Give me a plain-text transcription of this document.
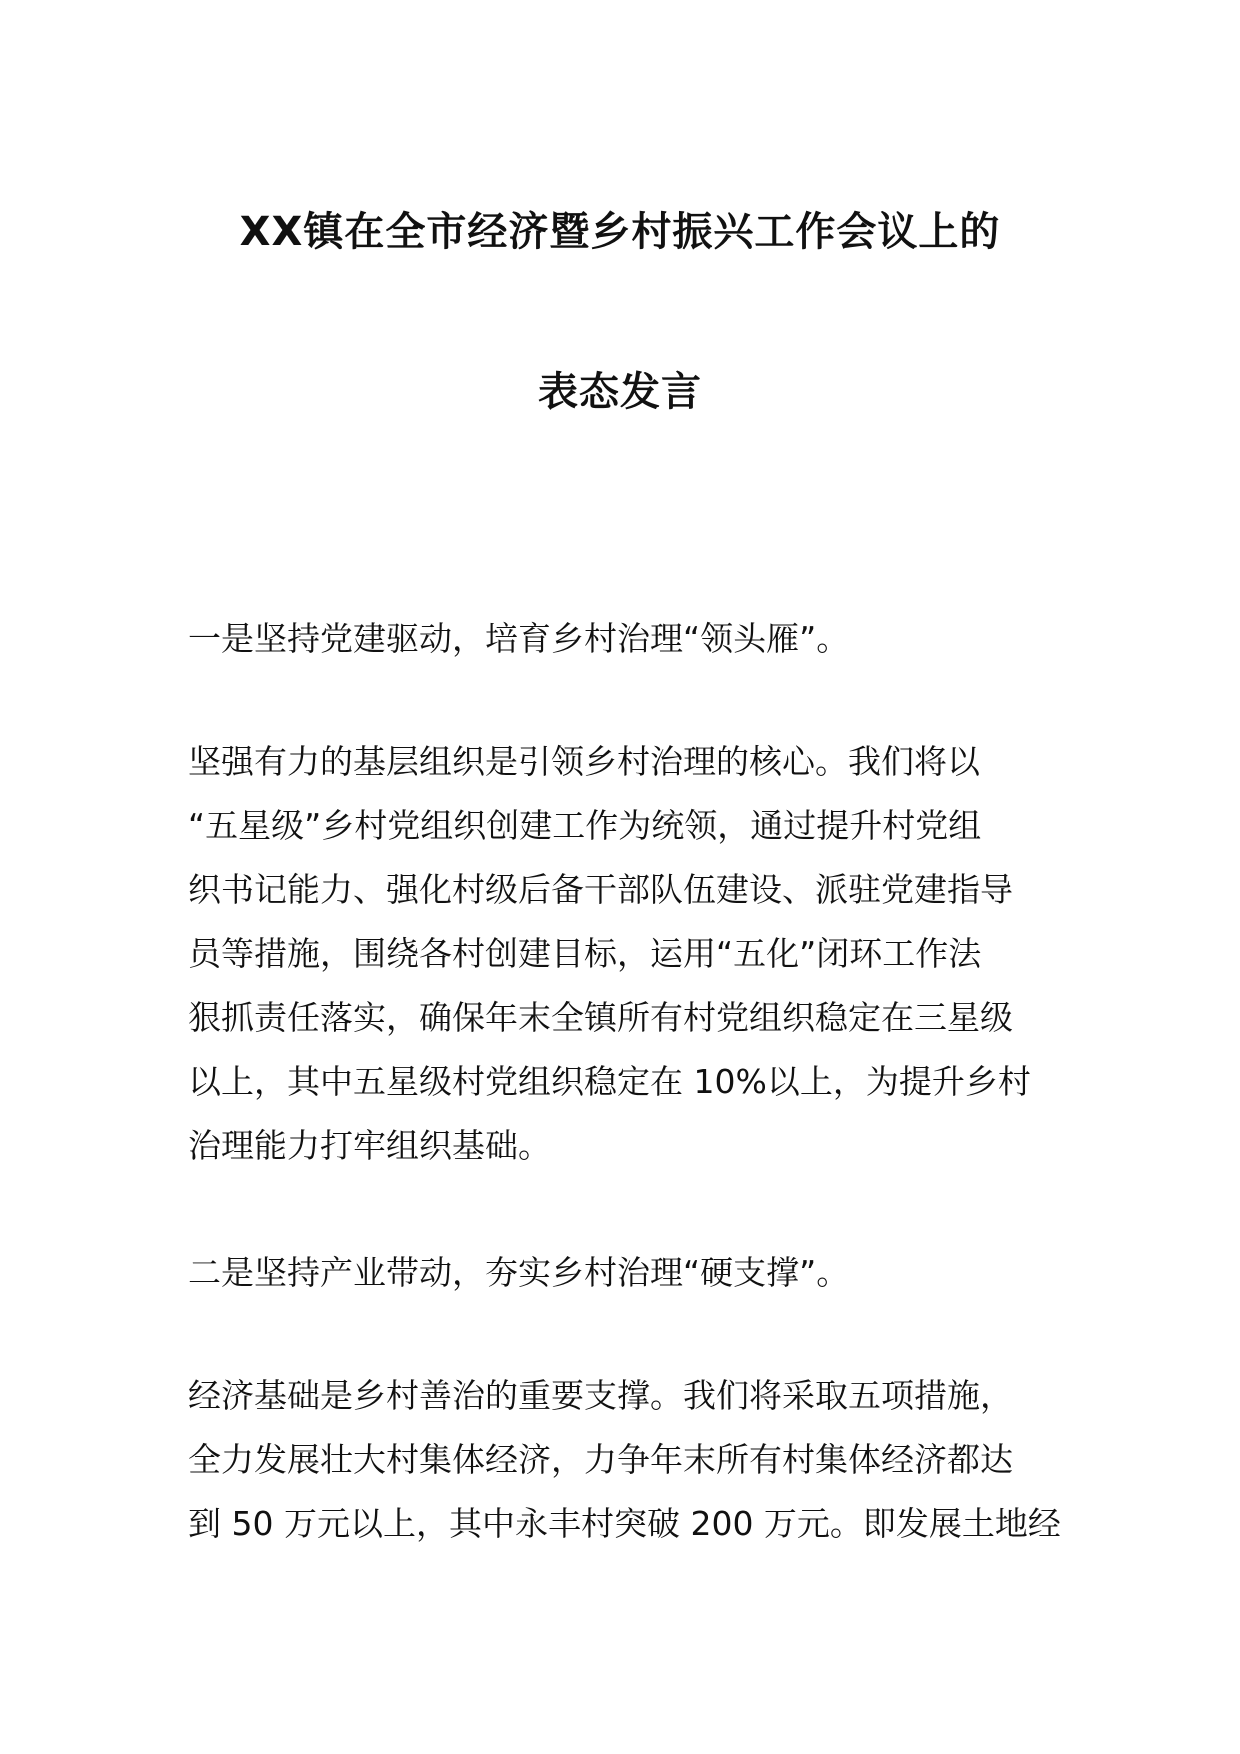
XX镇在全市经济暨乡村振兴工作会议上的
表态发言
一是坚持党建驱动，培育乡村治理“领头雁”。
坚强有力的基层组织是引领乡村治理的核心。我们将以
“五星级”乡村党组织创建工作为统领，通过提升村党组
织书记能力、强化村级后备干部队伍建设、派驻党建指导
员等措施，围绕各村创建目标，运用“五化”闭环工作法
狠抓责任落实，确保年末全镇所有村党组织稳定在三星级
以上，其中五星级村党组织稳定在 10%以上，为提升乡村
治理能力打牢组织基础。
二是坚持产业带动，夯实乡村治理“硬支撑”。
经济基础是乡村善治的重要支撑。我们将采取五项措施，
全力发展壮大村集体经济，力争年末所有村集体经济都达
到 50 万元以上，其中永丰村突破 200 万元。即发展土地经
